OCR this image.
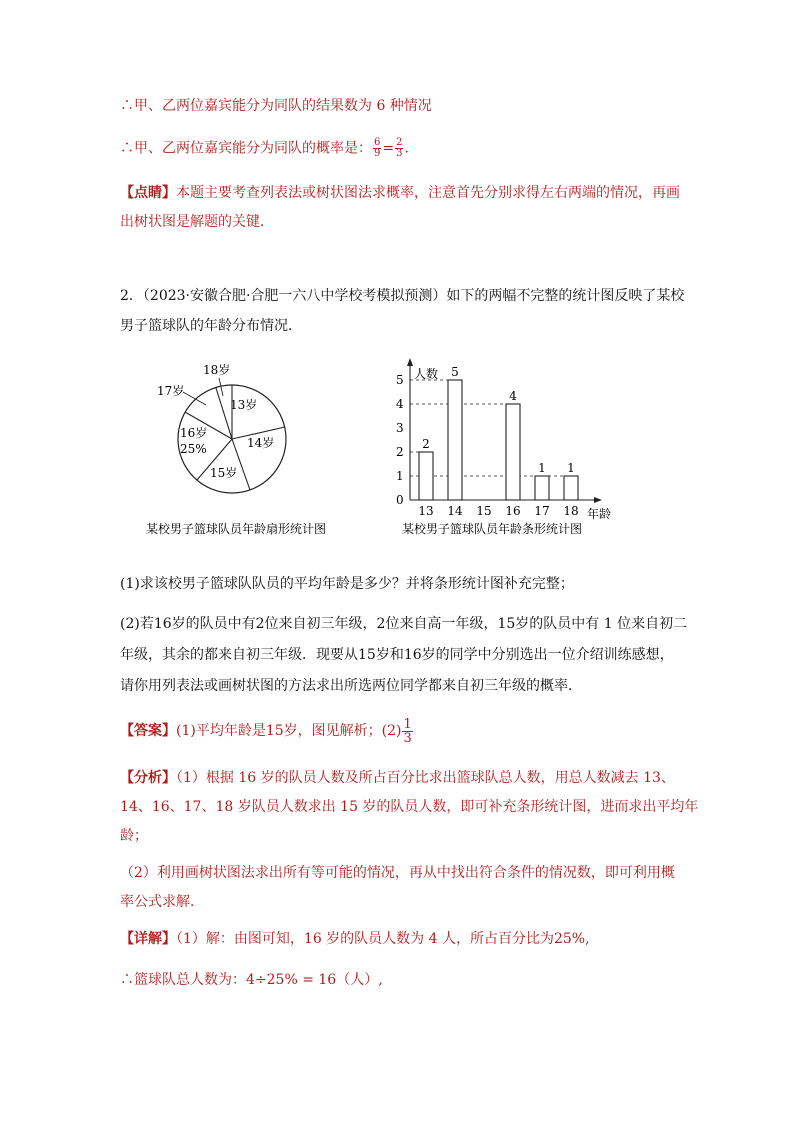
∴甲、乙两位嘉宾能分为同队的结果数为 6 种情况
∴甲、乙两位嘉宾能分为同队的概率是： $\frac{6}{9} = \frac{2}{3}$ .
【点睛】本题主要考查列表法或树状图法求概率，注意首先分别求得左右两端的情况，再画
出树状图是解题的关键．
2．（2023·安徽合肥·合肥一六八中学校考模拟预测）如下的两幅不完整的统计图反映了某校
男子篮球队的年龄分布情况．
18岁
17岁
13岁
16岁
25%	14岁
15岁
某校男子篮球队员年龄扇形统计图
0
1
2
3
4
5
13 14 15 16 17 18
2
5
4
1 1
人数
年龄
某校男子篮球队员年龄条形统计图
(1)求该校男子篮球队队员的平均年龄是多少？并将条形统计图补充完整；
(2)若16岁的队员中有2位来自初三年级，2位来自高一年级，15岁的队员中有 1 位来自初二
年级，其余的都来自初三年级．现要从15岁和16岁的同学中分别选出一位介绍训练感想，
请你用列表法或画树状图的方法求出所选两位同学都来自初三年级的概率．
【答案】(1)平均年龄是15岁，图见解析；$(2) \frac{1}{3}$
【分析】（1）根据 16 岁的队员人数及所占百分比求出篮球队总人数，用总人数减去 13、
14、16、17、18 岁队员人数求出 15 岁的队员人数，即可补充条形统计图，进而求出平均年
龄；
（2）利用画树状图法求出所有等可能的情况，再从中找出符合条件的情况数，即可利用概
率公式求解．
【详解】（1）解：由图可知，16 岁的队员人数为 4 人，所占百分比为25%,
∴篮球队总人数为：4÷25% = 16（人）,
